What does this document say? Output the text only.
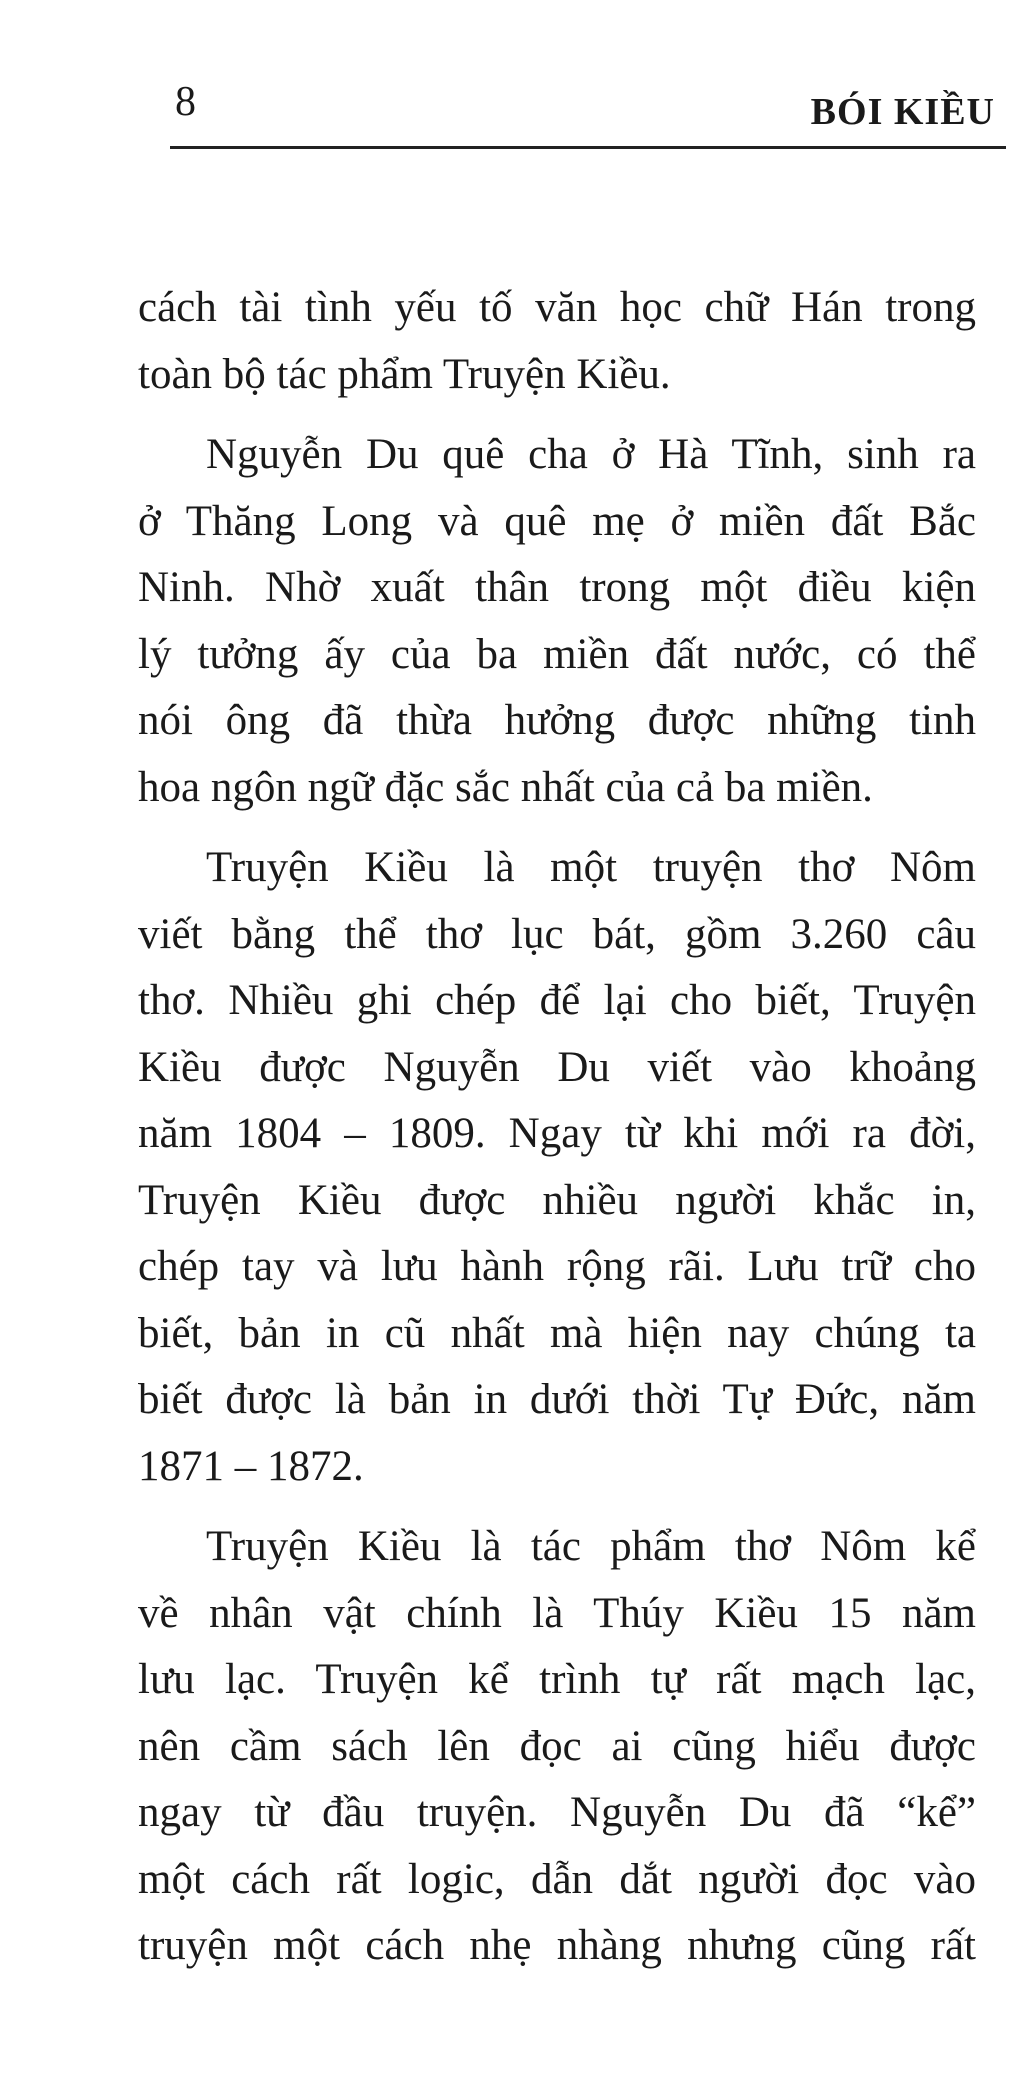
8	BÓI KIỀU

cách tài tình yếu tố văn học chữ Hán trong
toàn bộ tác phẩm Truyện Kiều.

Nguyễn Du quê cha ở Hà Tĩnh, sinh ra
ở Thăng Long và quê mẹ ở miền đất Bắc
Ninh. Nhờ xuất thân trong một điều kiện
lý tưởng ấy của ba miền đất nước, có thể
nói ông đã thừa hưởng được những tinh
hoa ngôn ngữ đặc sắc nhất của cả ba miền.

Truyện Kiều là một truyện thơ Nôm
viết bằng thể thơ lục bát, gồm 3.260 câu
thơ. Nhiều ghi chép để lại cho biết, Truyện
Kiều được Nguyễn Du viết vào khoảng
năm 1804 – 1809. Ngay từ khi mới ra đời,
Truyện Kiều được nhiều người khắc in,
chép tay và lưu hành rộng rãi. Lưu trữ cho
biết, bản in cũ nhất mà hiện nay chúng ta
biết được là bản in dưới thời Tự Đức, năm
1871 – 1872.

Truyện Kiều là tác phẩm thơ Nôm kể
về nhân vật chính là Thúy Kiều 15 năm
lưu lạc. Truyện kể trình tự rất mạch lạc,
nên cầm sách lên đọc ai cũng hiểu được
ngay từ đầu truyện. Nguyễn Du đã “kể”
một cách rất logic, dẫn dắt người đọc vào
truyện một cách nhẹ nhàng nhưng cũng rất
